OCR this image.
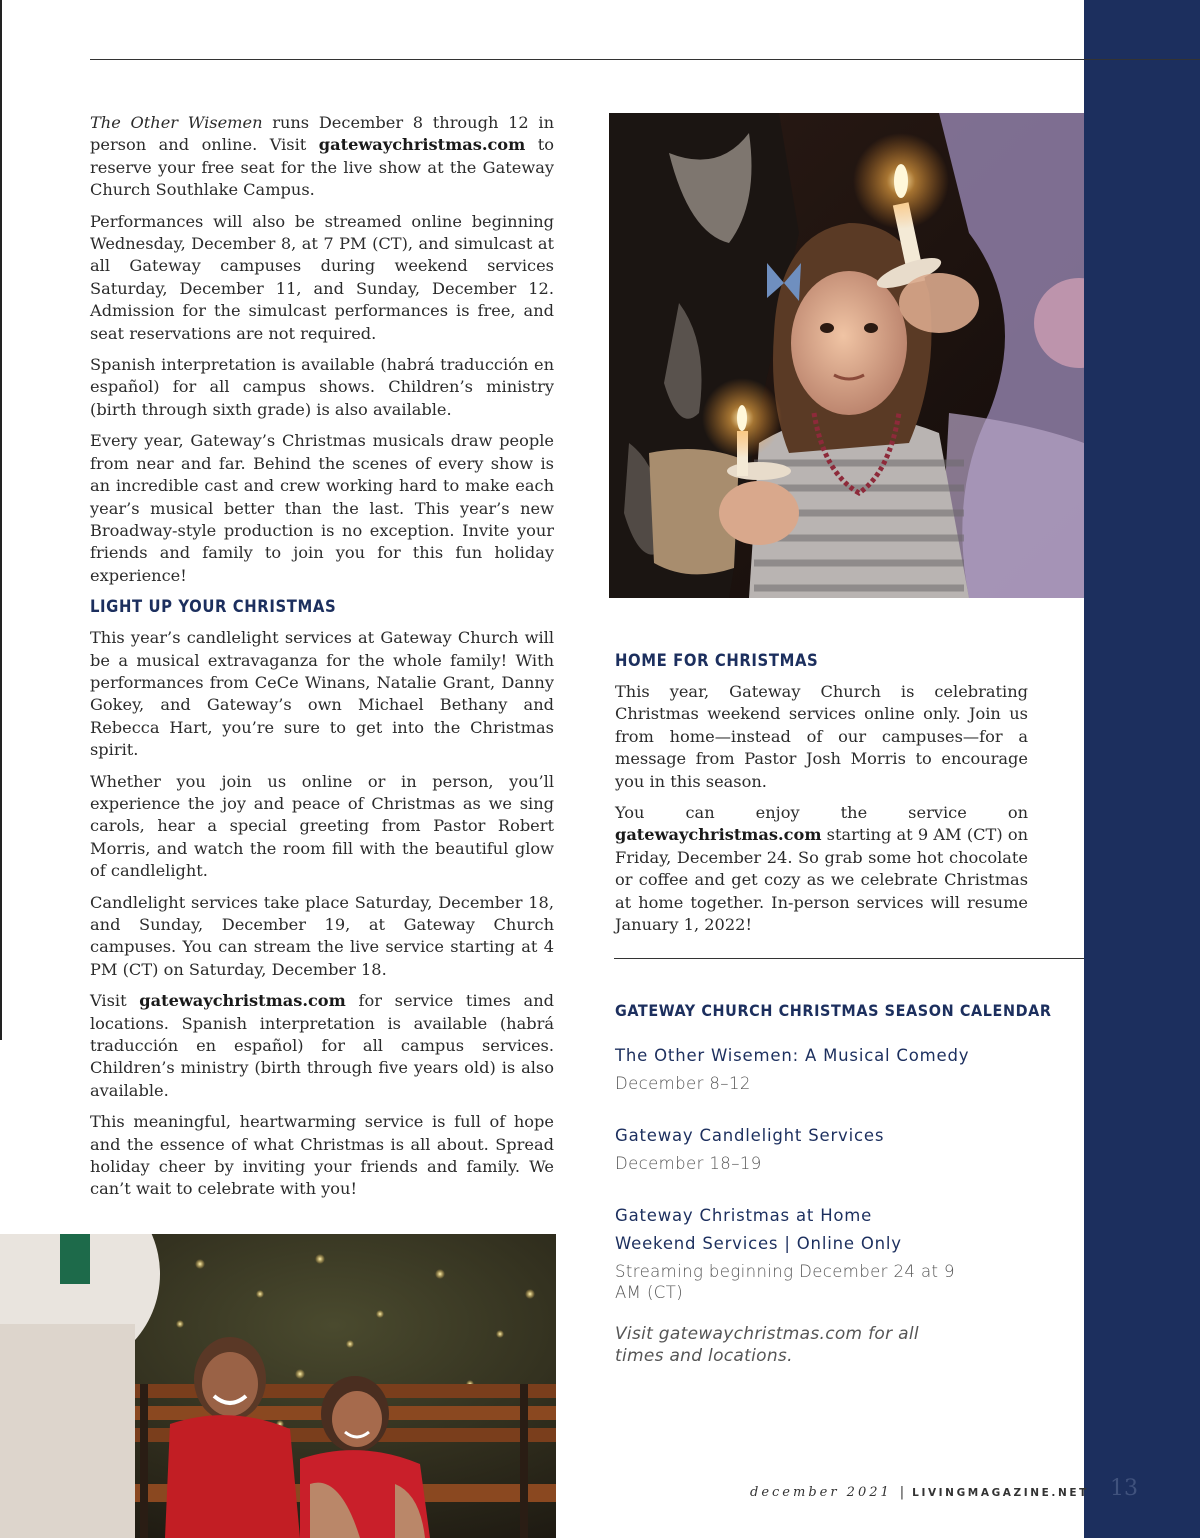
The Other Wisemen runs December 8 through 12 in person and online. Visit gatewaychristmas.com to reserve your free seat for the live show at the Gateway Church Southlake Campus.

Performances will also be streamed online beginning Wednesday, December 8, at 7 PM (CT), and simulcast at all Gateway campuses during weekend services Saturday, December 11, and Sunday, December 12. Admission for the simulcast performances is free, and seat reservations are not required.

Spanish interpretation is available (habrá traducción en español) for all campus shows. Children’s ministry (birth through sixth grade) is also available.

Every year, Gateway’s Christmas musicals draw people from near and far. Behind the scenes of every show is an incredible cast and crew working hard to make each year’s musical better than the last. This year’s new Broadway-style production is no exception. Invite your friends and family to join you for this fun holiday experience!

LIGHT UP YOUR CHRISTMAS

This year’s candlelight services at Gateway Church will be a musical extravaganza for the whole family! With performances from CeCe Winans, Natalie Grant, Danny Gokey, and Gateway’s own Michael Bethany and Rebecca Hart, you’re sure to get into the Christmas spirit.

Whether you join us online or in person, you’ll experience the joy and peace of Christmas as we sing carols, hear a special greeting from Pastor Robert Morris, and watch the room fill with the beautiful glow of candlelight.

Candlelight services take place Saturday, December 18, and Sunday, December 19, at Gateway Church campuses. You can stream the live service starting at 4 PM (CT) on Saturday, December 18.

Visit gatewaychristmas.com for service times and locations. Spanish interpretation is available (habrá traducción en español) for all campus services. Children’s ministry (birth through five years old) is also available.

This meaningful, heartwarming service is full of hope and the essence of what Christmas is all about. Spread holiday cheer by inviting your friends and family. We can’t wait to celebrate with you!

HOME FOR CHRISTMAS

This year, Gateway Church is celebrating Christmas weekend services online only. Join us from home—instead of our campuses—for a message from Pastor Josh Morris to encourage you in this season.

You can enjoy the service on gatewaychristmas.com starting at 9 AM (CT) on Friday, December 24. So grab some hot chocolate or coffee and get cozy as we celebrate Christmas at home together. In-person services will resume January 1, 2022!

GATEWAY CHURCH CHRISTMAS SEASON CALENDAR
The Other Wisemen: A Musical Comedy
December 8–12
Gateway Candlelight Services
December 18–19
Gateway Christmas at Home Weekend Services | Online Only
Streaming beginning December 24 at 9 AM (CT)
Visit gatewaychristmas.com for all times and locations.
december 2021 | LIVINGMAGAZINE.NET 13
